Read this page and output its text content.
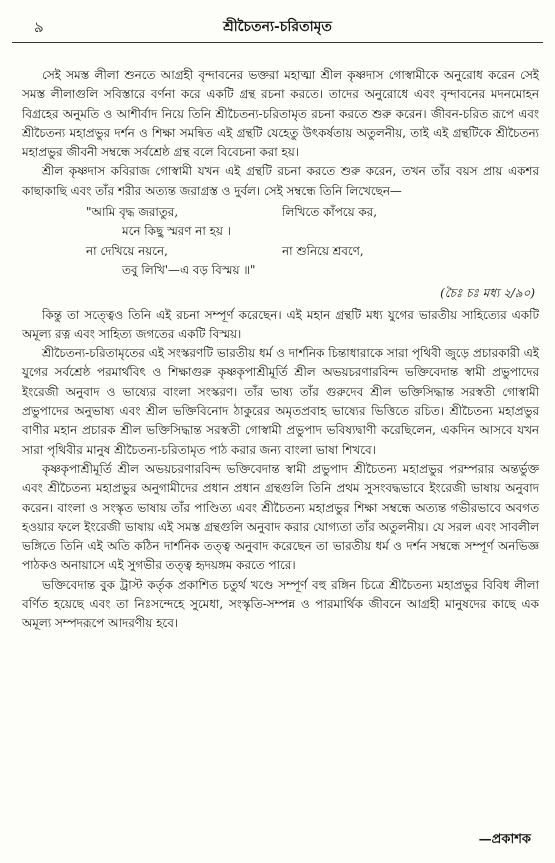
৯	শ্রীচৈতন্য-চরিতামৃত

সেই সমস্ত লীলা শুনতে আগ্রহী বৃন্দাবনের ভক্তরা মহাত্মা শ্রীল কৃষ্ণদাস গোস্বামীকে অনুরোধ করেন সেই সমস্ত লীলাগুলি সবিস্তারে বর্ণনা করে একটি গ্রন্থ রচনা করতে। তাদের অনুরোধে এবং বৃন্দাবনের মদনমোহন বিগ্রহের অনুমতি ও আশীর্বাদ নিয়ে তিনি শ্রীচৈতন্য-চরিতামৃত রচনা করতে শুরু করেন। জীবন-চরিত রূপে এবং শ্রীচৈতন্য মহাপ্রভুর দর্শন ও শিক্ষা সমন্বিত এই গ্রন্থটি যেহেতু উৎকর্ষতায় অতুলনীয়, তাই এই গ্রন্থটিকে শ্রীচৈতন্য মহাপ্রভুর জীবনী সম্বন্ধে সর্বশ্রেষ্ঠ গ্রন্থ বলে বিবেচনা করা হয়।

শ্রীল কৃষ্ণদাস কবিরাজ গোস্বামী যখন এই গ্রন্থটি রচনা করতে শুরু করেন, তখন তাঁর বয়স প্রায় একশর কাছাকাছি এবং তাঁর শরীর অত্যন্ত জরাগ্রস্ত ও দুর্বল। সেই সম্বন্ধে তিনি লিখেছেন—

"আমি বৃদ্ধ জরাতুর,	লিখিতে কাঁপয়ে কর,
মনে কিছু স্মরণ না হয় ।
না দেখিয়ে নয়নে,	না শুনিয়ে শ্রবণে,
তবু লিখি'—এ বড় বিস্ময় ॥"
(চৈঃ চঃ মধ্য ২/৯০)

কিন্তু তা সত্ত্বেও তিনি এই রচনা সম্পূর্ণ করেছেন। এই মহান গ্রন্থটি মধ্য যুগের ভারতীয় সাহিত্যের একটি অমূল্য রত্ন এবং সাহিত্য জগতের একটি বিস্ময়।

শ্রীচৈতন্য-চরিতামৃতের এই সংস্করণটি ভারতীয় ধর্ম ও দার্শনিক চিন্তাধারাকে সারা পৃথিবী জুড়ে প্রচারকারী এই যুগের সর্বশ্রেষ্ঠ পরমার্থবিৎ ও শিক্ষাগুরু কৃষ্ণকৃপাশ্রীমূর্তি শ্রীল অভয়চরণারবিন্দ ভক্তিবেদান্ত স্বামী প্রভুপাদের ইংরেজী অনুবাদ ও ভাষ্যের বাংলা সংস্করণ। তাঁর ভাষ্য তাঁর গুরুদেব শ্রীল ভক্তিসিদ্ধান্ত সরস্বতী গোস্বামী প্রভুপাদের অনুভাষ্য এবং শ্রীল ভক্তিবিনোদ ঠাকুরের অমৃতপ্রবাহ ভাষ্যের ভিত্তিতে রচিত। শ্রীচৈতন্য মহাপ্রভুর বাণীর মহান প্রচারক শ্রীল ভক্তিসিদ্ধান্ত সরস্বতী গোস্বামী প্রভুপাদ ভবিষ্যদ্বাণী করেছিলেন, একদিন আসবে যখন সারা পৃথিবীর মানুষ শ্রীচৈতন্য-চরিতামৃত পাঠ করার জন্য বাংলা ভাষা শিখবে।

কৃষ্ণকৃপাশ্রীমূর্তি শ্রীল অভয়চরণারবিন্দ ভক্তিবেদান্ত স্বামী প্রভুপাদ শ্রীচৈতন্য মহাপ্রভুর পরম্পরার অন্তর্ভুক্ত এবং শ্রীচৈতন্য মহাপ্রভুর অনুগামীদের প্রধান প্রধান গ্রন্থগুলি তিনি প্রথম সুসংবদ্ধভাবে ইংরেজী ভাষায় অনুবাদ করেন। বাংলা ও সংস্কৃত ভাষায় তাঁর পাণ্ডিত্য এবং শ্রীচৈতন্য মহাপ্রভুর শিক্ষা সম্বন্ধে অত্যন্ত গভীরভাবে অবগত হওয়ার ফলে ইংরেজী ভাষায় এই সমস্ত গ্রন্থগুলি অনুবাদ করার যোগ্যতা তাঁর অতুলনীয়। যে সরল এবং সাবলীল ভঙ্গিতে তিনি এই অতি কঠিন দার্শনিক তত্ত্ব অনুবাদ করেছেন তা ভারতীয় ধর্ম ও দর্শন সম্বন্ধে সম্পূর্ণ অনভিজ্ঞ পাঠকও অনায়াসে এই সুগভীর তত্ত্ব হৃদয়ঙ্গম করতে পারে।

ভক্তিবেদান্ত বুক ট্রাস্ট কর্তৃক প্রকাশিত চতুর্থ খণ্ডে সম্পূর্ণ বহু রঙ্গিন চিত্রে শ্রীচৈতন্য মহাপ্রভুর বিবিধ লীলা বর্ণিত হয়েছে এবং তা নিঃসন্দেহে সুমেধা, সংস্কৃতি-সম্পন্ন ও পারমার্থিক জীবনে আগ্রহী মানুষদের কাছে এক অমূল্য সম্পদরূপে আদরণীয় হবে।

—প্রকাশক
